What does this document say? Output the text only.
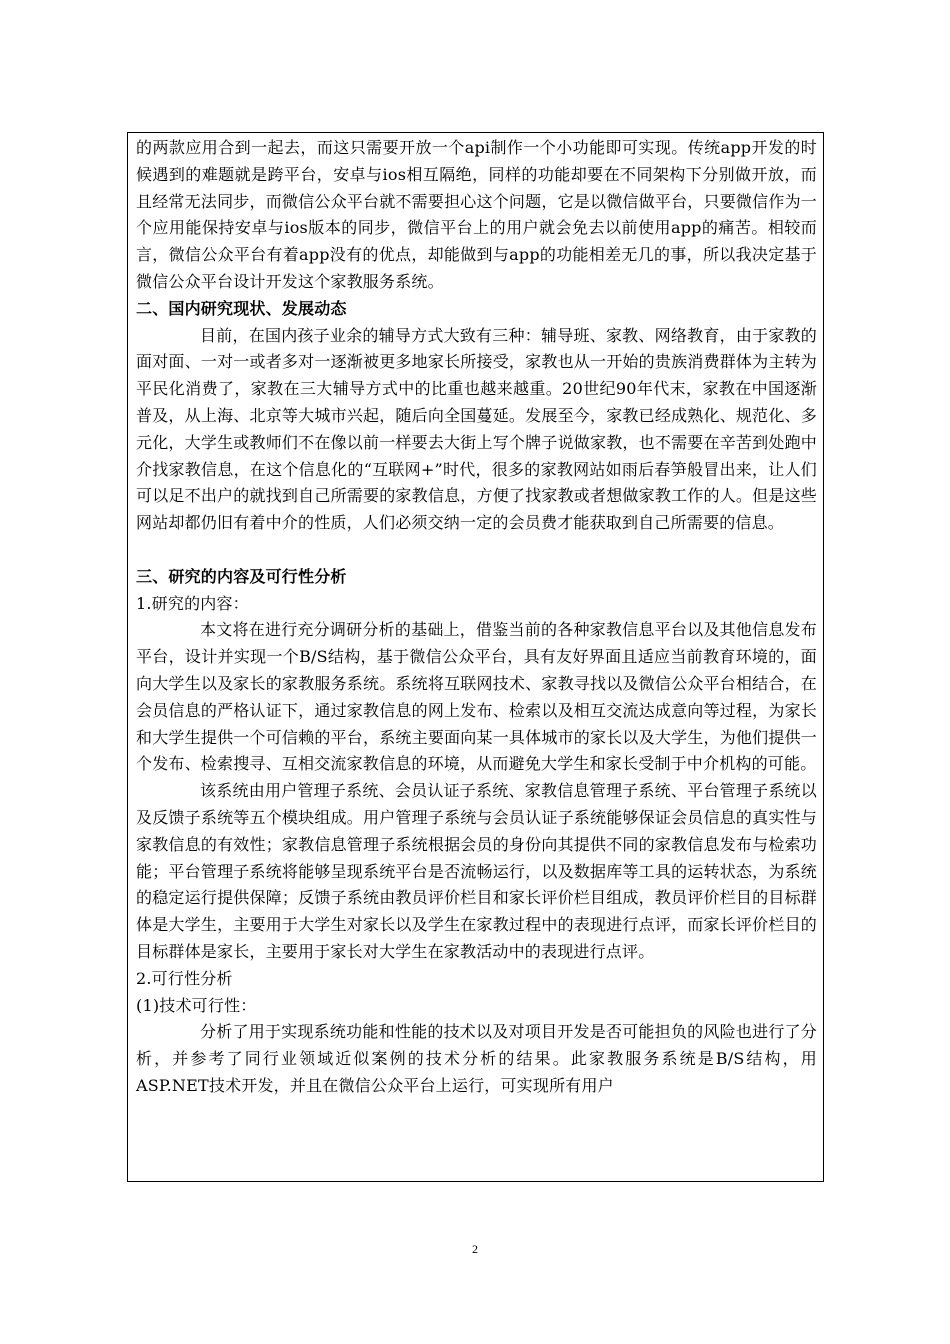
的两款应用合到一起去，而这只需要开放一个api制作一个小功能即可实现。传统app开发的时候遇到的难题就是跨平台，安卓与ios相互隔绝，同样的功能却要在不同架构下分别做开放，而且经常无法同步，而微信公众平台就不需要担心这个问题，它是以微信做平台，只要微信作为一个应用能保持安卓与ios版本的同步，微信平台上的用户就会免去以前使用app的痛苦。相较而言，微信公众平台有着app没有的优点，却能做到与app的功能相差无几的事，所以我决定基于微信公众平台设计开发这个家教服务系统。

二、国内研究现状、发展动态

目前，在国内孩子业余的辅导方式大致有三种：辅导班、家教、网络教育，由于家教的面对面、一对一或者多对一逐渐被更多地家长所接受，家教也从一开始的贵族消费群体为主转为平民化消费了，家教在三大辅导方式中的比重也越来越重。20世纪90年代末，家教在中国逐渐普及，从上海、北京等大城市兴起，随后向全国蔓延。发展至今，家教已经成熟化、规范化、多元化，大学生或教师们不在像以前一样要去大街上写个牌子说做家教，也不需要在辛苦到处跑中介找家教信息，在这个信息化的“互联网+”时代，很多的家教网站如雨后春笋般冒出来，让人们可以足不出户的就找到自己所需要的家教信息，方便了找家教或者想做家教工作的人。但是这些网站却都仍旧有着中介的性质，人们必须交纳一定的会员费才能获取到自己所需要的信息。

三、研究的内容及可行性分析

1.研究的内容：

本文将在进行充分调研分析的基础上，借鉴当前的各种家教信息平台以及其他信息发布平台，设计并实现一个B/S结构，基于微信公众平台，具有友好界面且适应当前教育环境的，面向大学生以及家长的家教服务系统。系统将互联网技术、家教寻找以及微信公众平台相结合，在会员信息的严格认证下，通过家教信息的网上发布、检索以及相互交流达成意向等过程，为家长和大学生提供一个可信赖的平台，系统主要面向某一具体城市的家长以及大学生，为他们提供一个发布、检索搜寻、互相交流家教信息的环境，从而避免大学生和家长受制于中介机构的可能。

该系统由用户管理子系统、会员认证子系统、家教信息管理子系统、平台管理子系统以及反馈子系统等五个模块组成。用户管理子系统与会员认证子系统能够保证会员信息的真实性与家教信息的有效性；家教信息管理子系统根据会员的身份向其提供不同的家教信息发布与检索功能；平台管理子系统将能够呈现系统平台是否流畅运行，以及数据库等工具的运转状态，为系统的稳定运行提供保障；反馈子系统由教员评价栏目和家长评价栏目组成，教员评价栏目的目标群体是大学生，主要用于大学生对家长以及学生在家教过程中的表现进行点评，而家长评价栏目的目标群体是家长，主要用于家长对大学生在家教活动中的表现进行点评。

2.可行性分析

(1)技术可行性：

分析了用于实现系统功能和性能的技术以及对项目开发是否可能担负的风险也进行了分析，并参考了同行业领域近似案例的技术分析的结果。此家教服务系统是B/S结构，用ASP.NET技术开发，并且在微信公众平台上运行，可实现所有用户

2
